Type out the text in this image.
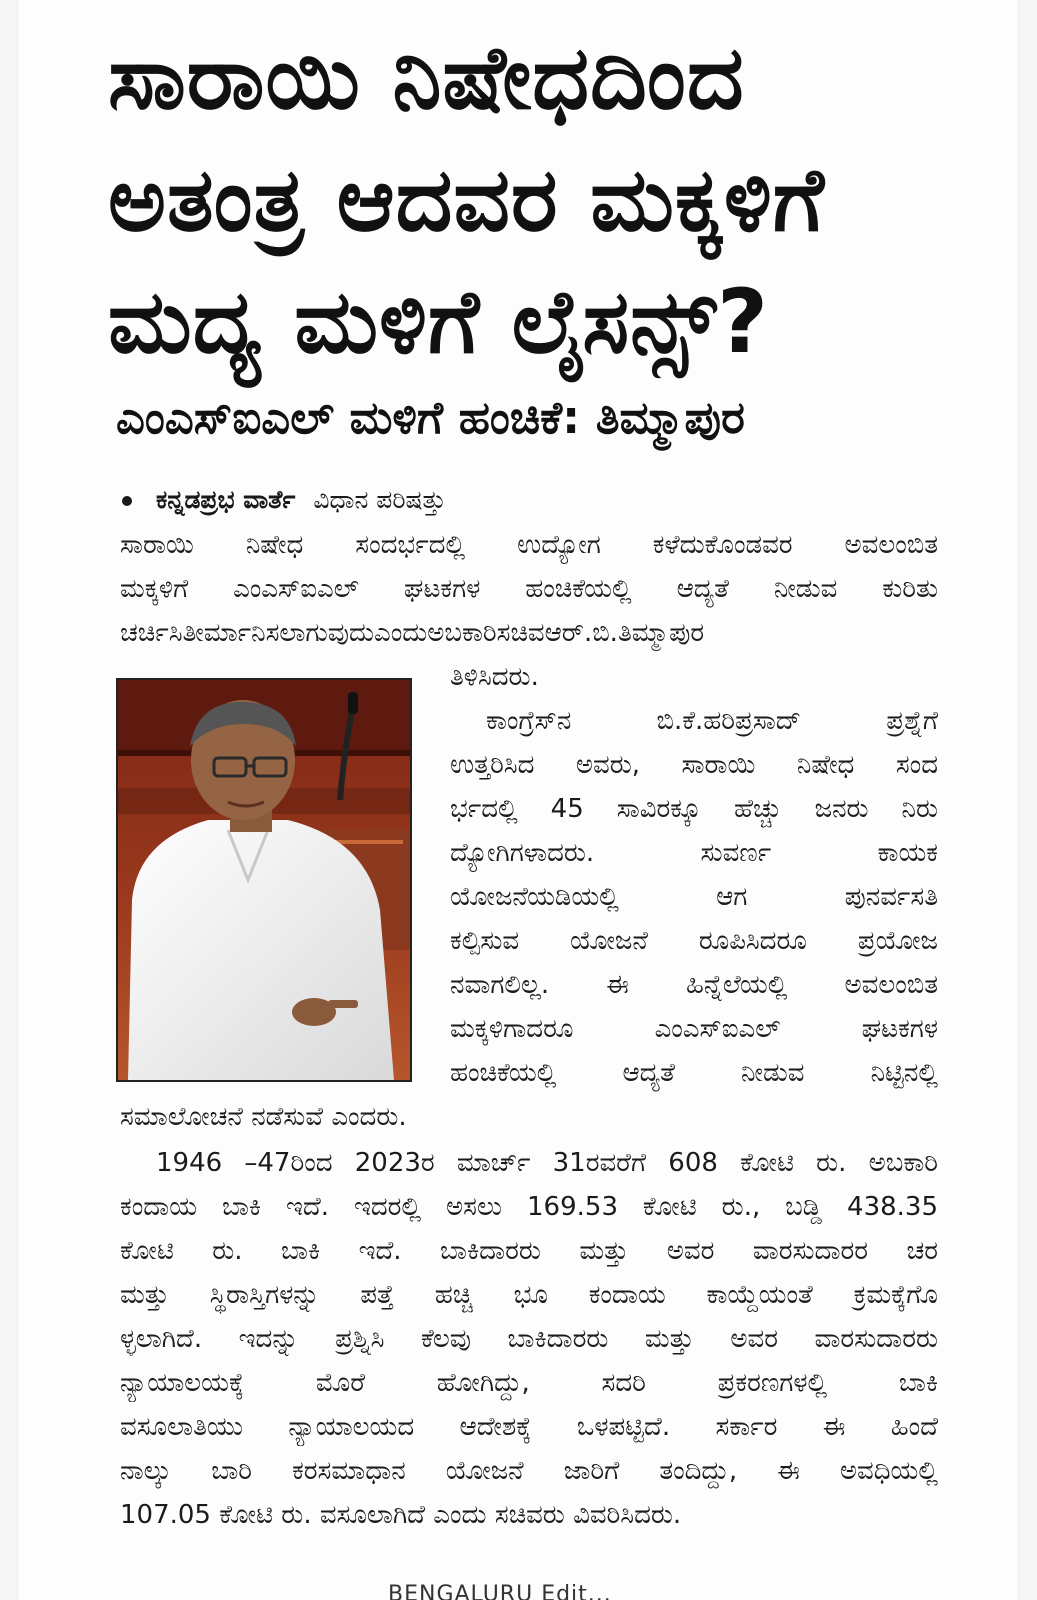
ಸಾರಾಯಿ ನಿಷೇಧದಿಂದ
ಅತಂತ್ರ ಆದವರ ಮಕ್ಕಳಿಗೆ
ಮದ್ಯ ಮಳಿಗೆ ಲೈಸನ್ಸ್?
ಎಂಎಸ್‌ಐಎಲ್ ಮಳಿಗೆ ಹಂಚಿಕೆ: ತಿಮ್ಮಾಪುರ
ಕನ್ನಡಪ್ರಭ ವಾರ್ತೆ ವಿಧಾನ ಪರಿಷತ್ತು

ಸಾರಾಯಿ ನಿಷೇಧ ಸಂದರ್ಭದಲ್ಲಿ ಉದ್ಯೋಗ ಕಳೆದುಕೊಂಡವರ ಅವಲಂಬಿತ

ಮಕ್ಕಳಿಗೆ ಎಂಎಸ್‌ಐಎಲ್ ಘಟಕಗಳ ಹಂಚಿಕೆಯಲ್ಲಿ ಆದ್ಯತೆ ನೀಡುವ ಕುರಿತು

ಚರ್ಚಿಸಿತೀರ್ಮಾನಿಸಲಾಗುವುದುಎಂದುಅಬಕಾರಿಸಚಿವಆರ್.ಬಿ.ತಿಮ್ಮಾಪುರ

ತಿಳಿಸಿದರು.

ಕಾಂಗ್ರೆಸ್‌ನ ಬಿ.ಕೆ.ಹರಿಪ್ರಸಾದ್ ಪ್ರಶ್ನೆಗೆ

ಉತ್ತರಿಸಿದ ಅವರು, ಸಾರಾಯಿ ನಿಷೇಧ ಸಂದ

ರ್ಭದಲ್ಲಿ 45 ಸಾವಿರಕ್ಕೂ ಹೆಚ್ಚು ಜನರು ನಿರು

ದ್ಯೋಗಿಗಳಾದರು. ಸುವರ್ಣ ಕಾಯಕ

ಯೋಜನೆಯಡಿಯಲ್ಲಿ ಆಗ ಪುನರ್ವಸತಿ

ಕಲ್ಪಿಸುವ ಯೋಜನೆ ರೂಪಿಸಿದರೂ ಪ್ರಯೋಜ

ನವಾಗಲಿಲ್ಲ. ಈ ಹಿನ್ನೆಲೆಯಲ್ಲಿ ಅವಲಂಬಿತ

ಮಕ್ಕಳಿಗಾದರೂ ಎಂಎಸ್‌ಐಎಲ್ ಘಟಕಗಳ

ಹಂಚಿಕೆಯಲ್ಲಿ ಆದ್ಯತೆ ನೀಡುವ ನಿಟ್ಟಿನಲ್ಲಿ

ಸಮಾಲೋಚನೆ ನಡೆಸುವೆ ಎಂದರು.

1946 –47ರಿಂದ 2023ರ ಮಾರ್ಚ್ 31ರವರೆಗೆ 608 ಕೋಟಿ ರು. ಅಬಕಾರಿ

ಕಂದಾಯ ಬಾಕಿ ಇದೆ. ಇದರಲ್ಲಿ ಅಸಲು 169.53 ಕೋಟಿ ರು., ಬಡ್ಡಿ 438.35

ಕೋಟಿ ರು. ಬಾಕಿ ಇದೆ. ಬಾಕಿದಾರರು ಮತ್ತು ಅವರ ವಾರಸುದಾರರ ಚರ

ಮತ್ತು ಸ್ಥಿರಾಸ್ತಿಗಳನ್ನು ಪತ್ತೆ ಹಚ್ಚಿ ಭೂ ಕಂದಾಯ ಕಾಯ್ದೆಯಂತೆ ಕ್ರಮಕ್ಕೆಗೊ

ಳ್ಳಲಾಗಿದೆ. ಇದನ್ನು ಪ್ರಶ್ನಿಸಿ ಕೆಲವು ಬಾಕಿದಾರರು ಮತ್ತು ಅವರ ವಾರಸುದಾರರು

ನ್ಯಾಯಾಲಯಕ್ಕೆ ಮೊರೆ ಹೋಗಿದ್ದು, ಸದರಿ ಪ್ರಕರಣಗಳಲ್ಲಿ ಬಾಕಿ

ವಸೂಲಾತಿಯು ನ್ಯಾಯಾಲಯದ ಆದೇಶಕ್ಕೆ ಒಳಪಟ್ಟಿದೆ. ಸರ್ಕಾರ ಈ ಹಿಂದೆ

ನಾಲ್ಕು ಬಾರಿ ಕರಸಮಾಧಾನ ಯೋಜನೆ ಜಾರಿಗೆ ತಂದಿದ್ದು, ಈ ಅವಧಿಯಲ್ಲಿ

107.05 ಕೋಟಿ ರು. ವಸೂಲಾಗಿದೆ ಎಂದು ಸಚಿವರು ವಿವರಿಸಿದರು.

BENGALURU Edit...
